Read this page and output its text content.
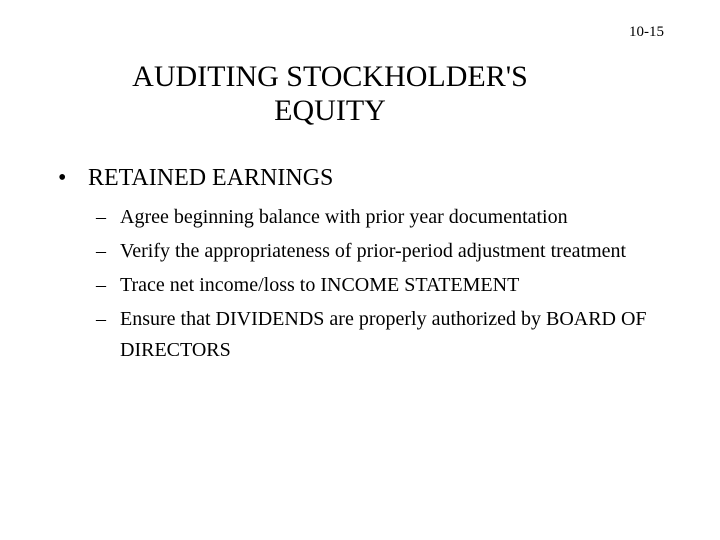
10-15
AUDITING STOCKHOLDER'S
EQUITY
• RETAINED EARNINGS
– Agree beginning balance with prior year documentation
– Verify the appropriateness of prior-period adjustment treatment
– Trace net income/loss to INCOME STATEMENT
– Ensure that DIVIDENDS are properly authorized by BOARD OF DIRECTORS
